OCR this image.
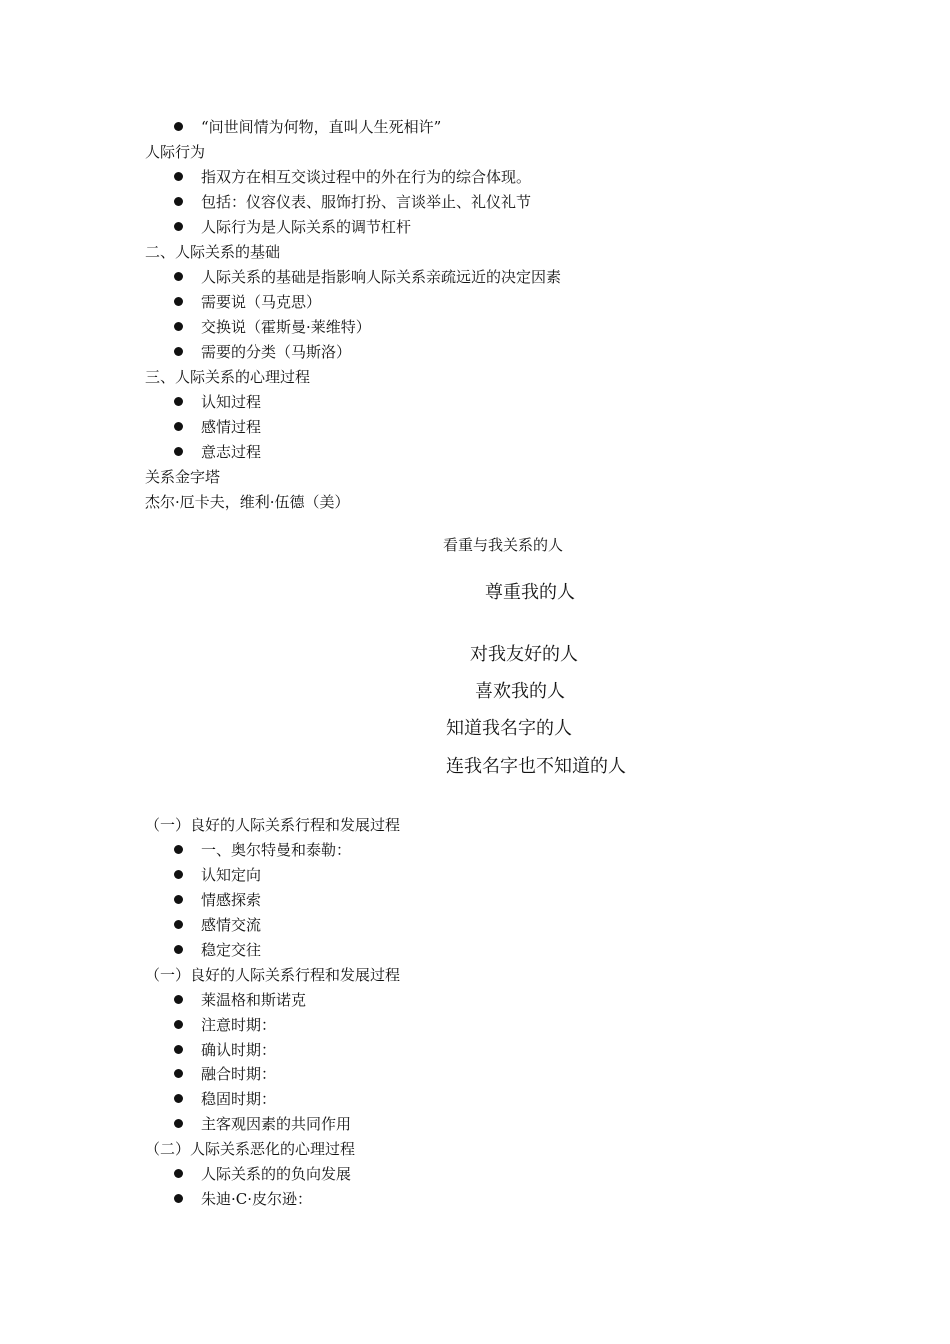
“问世间情为何物，直叫人生死相许”
人际行为
指双方在相互交谈过程中的外在行为的综合体现。
包括：仪容仪表、服饰打扮、言谈举止、礼仪礼节
人际行为是人际关系的调节杠杆
二、人际关系的基础
人际关系的基础是指影响人际关系亲疏远近的决定因素
需要说（马克思）
交换说（霍斯曼·莱维特）
需要的分类（马斯洛）
三、人际关系的心理过程
认知过程
感情过程
意志过程
关系金字塔
杰尔·厄卡夫，维利·伍德（美）
看重与我关系的人
尊重我的人
对我友好的人
喜欢我的人
知道我名字的人
连我名字也不知道的人
（一）良好的人际关系行程和发展过程
一、奥尔特曼和泰勒：
认知定向
情感探索
感情交流
稳定交往
（一）良好的人际关系行程和发展过程
莱温格和斯诺克
注意时期：
确认时期：
融合时期：
稳固时期：
主客观因素的共同作用
（二）人际关系恶化的心理过程
人际关系的的负向发展
朱迪·C·皮尔逊：
